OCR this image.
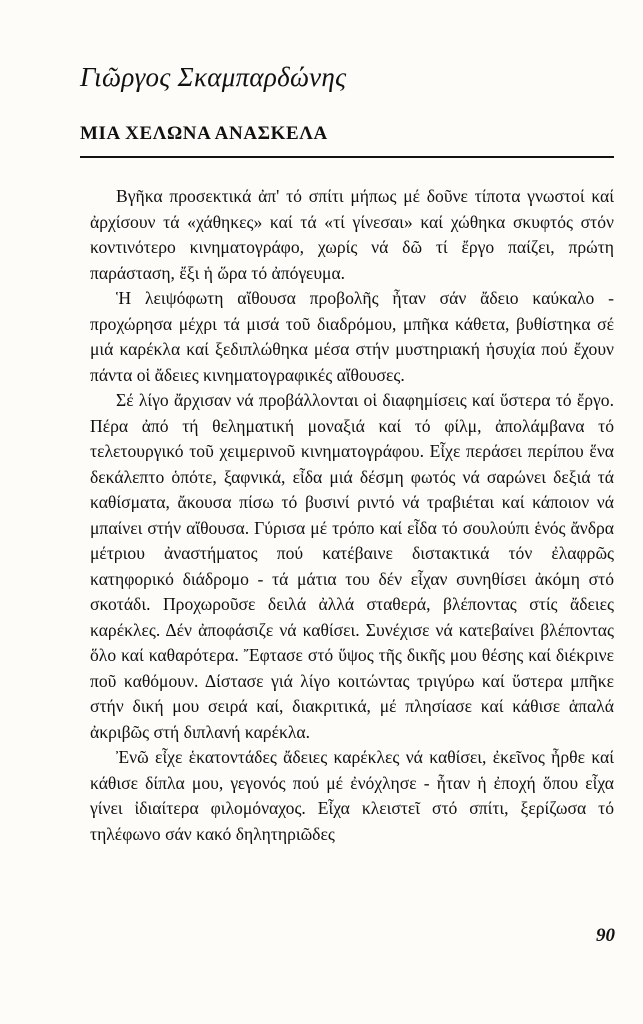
Γιῶργος Σκαμπαρδώνης
ΜΙΑ ΧΕΛΩΝΑ ΑΝΑΣΚΕΛΑ

Βγῆκα προσεκτικά ἀπ' τό σπίτι μήπως μέ δοῦνε τίποτα γνωστοί καί ἀρχίσουν τά «χάθηκες» καί τά «τί γίνεσαι» καί χώθηκα σκυφτός στόν κοντινότερο κινηματογράφο, χωρίς νά δῶ τί ἔργο παίζει, πρώτη παράσταση, ἔξι ἡ ὥρα τό ἀπόγευμα.

Ἡ λειψόφωτη αἴθουσα προβολῆς ἦταν σάν ἄδειο καύκαλο - προχώρησα μέχρι τά μισά τοῦ διαδρόμου, μπῆκα κάθετα, βυθίστηκα σέ μιά καρέκλα καί ξεδιπλώθηκα μέσα στήν μυστηριακή ἡσυχία πού ἔχουν πάντα οἱ ἄδειες κινηματογραφικές αἴθουσες.

Σέ λίγο ἄρχισαν νά προβάλλονται οἱ διαφημίσεις καί ὕστερα τό ἔργο. Πέρα ἀπό τή θεληματική μοναξιά καί τό φίλμ, ἀπολάμβανα τό τελετουργικό τοῦ χειμερινοῦ κινηματογράφου. Εἶχε περάσει περίπου ἕνα δεκάλεπτο ὁπότε, ξαφνικά, εἶδα μιά δέσμη φωτός νά σαρώνει δεξιά τά καθίσματα, ἄκουσα πίσω τό βυσινί ριντό νά τραβιέται καί κάποιον νά μπαίνει στήν αἴθουσα. Γύρισα μέ τρόπο καί εἶδα τό σουλούπι ἑνός ἄνδρα μέτριου ἀναστήματος πού κατέβαινε διστακτικά τόν ἐλαφρῶς κατηφορικό διάδρομο - τά μάτια του δέν εἶχαν συνηθίσει ἀκόμη στό σκοτάδι. Προχωροῦσε δειλά ἀλλά σταθερά, βλέποντας στίς ἄδειες καρέκλες. Δέν ἀποφάσιζε νά καθίσει. Συνέχισε νά κατεβαίνει βλέποντας ὅλο καί καθαρότερα. Ἔφτασε στό ὕψος τῆς δικῆς μου θέσης καί διέκρινε ποῦ καθόμουν. Δίστασε γιά λίγο κοιτώντας τριγύρω καί ὕστερα μπῆκε στήν δική μου σειρά καί, διακριτικά, μέ πλησίασε καί κάθισε ἁπαλά ἀκριβῶς στή διπλανή καρέκλα.

Ἐνῶ εἶχε ἑκατοντάδες ἄδειες καρέκλες νά καθίσει, ἐκεῖνος ἦρθε καί κάθισε δίπλα μου, γεγονός πού μέ ἐνόχλησε - ἦταν ἡ ἐποχή ὅπου εἶχα γίνει ἰδιαίτερα φιλομόναχος. Εἶχα κλειστεῖ στό σπίτι, ξερίζωσα τό τηλέφωνο σάν κακό δηλητηριῶδες

90
